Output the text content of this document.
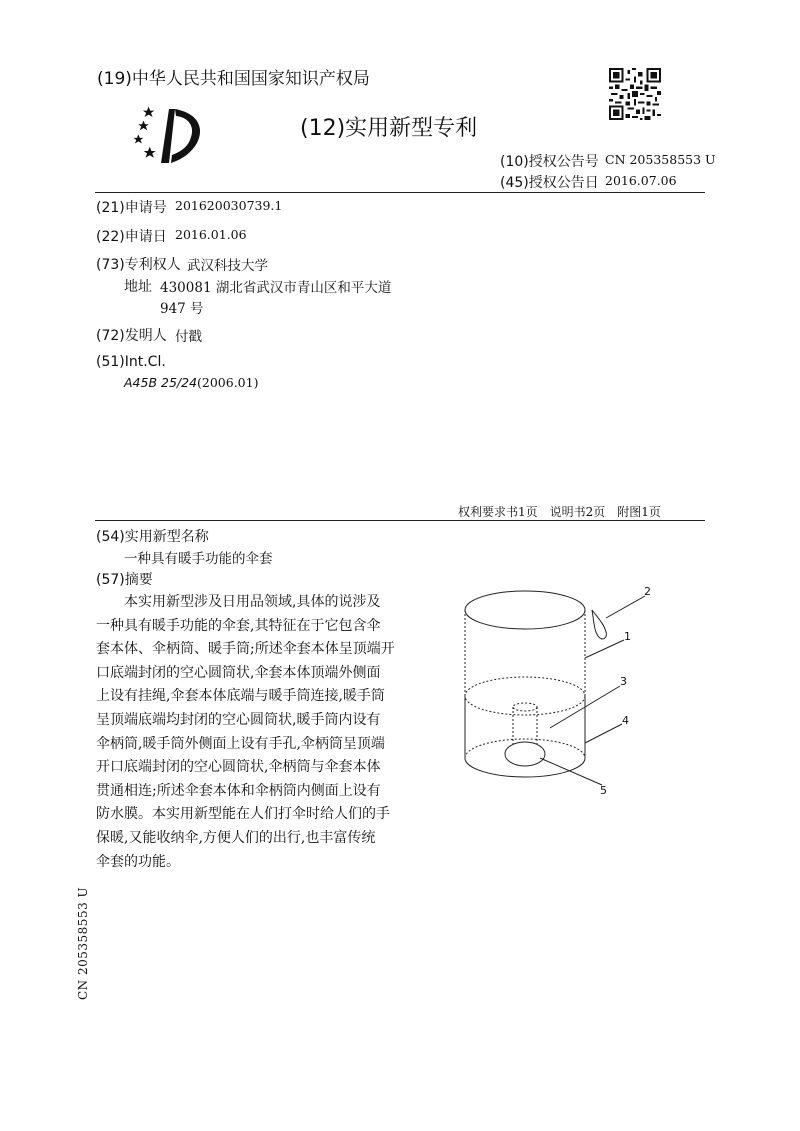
(19)中华人民共和国国家知识产权局
(12)实用新型专利
(10)授权公告号 CN 205358553 U
(45)授权公告日 2016.07.06
(21)申请号 201620030739.1
(22)申请日 2016.01.06
(73)专利权人 武汉科技大学
地址 430081 湖北省武汉市青山区和平大道
947 号
(72)发明人 付戳
(51)Int.Cl.
A45B 25/24 (2006.01)
权利要求书1页　说明书2页　附图1页
(54)实用新型名称
一种具有暖手功能的伞套
(57)摘要
　　本实用新型涉及日用品领域,具体的说涉及
一种具有暖手功能的伞套,其特征在于它包含伞
套本体、伞柄筒、暖手筒;所述伞套本体呈顶端开
口底端封闭的空心圆筒状,伞套本体顶端外侧面
上设有挂绳,伞套本体底端与暖手筒连接,暖手筒
呈顶端底端均封闭的空心圆筒状,暖手筒内设有
伞柄筒,暖手筒外侧面上设有手孔,伞柄筒呈顶端
开口底端封闭的空心圆筒状,伞柄筒与伞套本体
贯通相连;所述伞套本体和伞柄筒内侧面上设有
防水膜。本实用新型能在人们打伞时给人们的手
保暖,又能收纳伞,方便人们的出行,也丰富传统
伞套的功能。
2
1
3
4
5
CN 205358553 U
